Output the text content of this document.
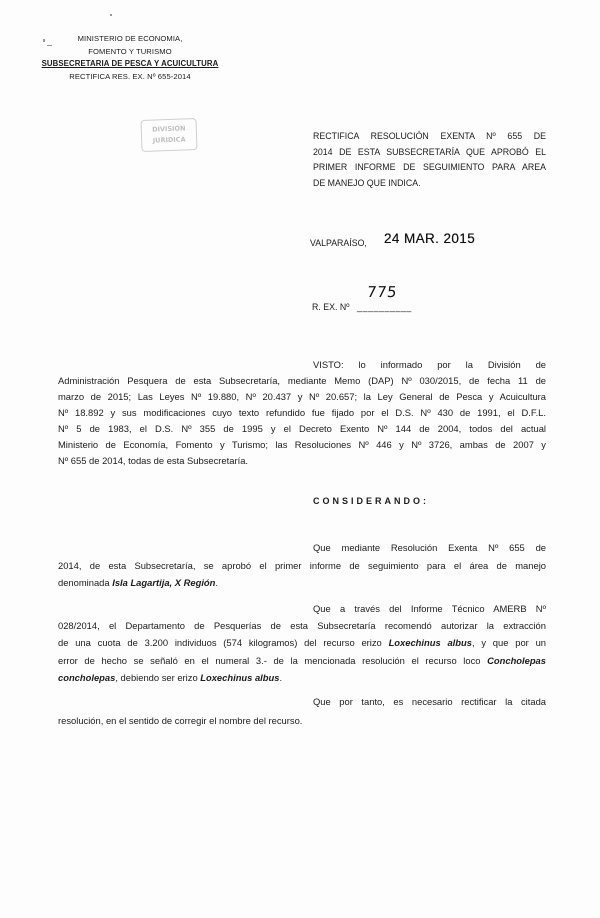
MINISTERIO DE ECONOMIA,
FOMENTO Y TURISMO
SUBSECRETARIA DE PESCA Y ACUICULTURA
RECTIFICA RES. EX. Nº 655-2014
DIVISION
JURIDICA	RECTIFICA RESOLUCIÓN EXENTA Nº 655 DE
2014 DE ESTA SUBSECRETARÍA QUE APROBÓ EL
PRIMER INFORME DE SEGUIMIENTO PARA AREA
DE MANEJO QUE INDICA.
VALPARAÍSO, 24 MAR. 2015
R. EX. Nº __________
775
VISTO: lo informado por la División de
Administración Pesquera de esta Subsecretaría, mediante Memo (DAP) Nº 030/2015, de fecha 11 de
marzo de 2015; Las Leyes Nº 19.880, Nº 20.437 y Nº 20.657; la Ley General de Pesca y Acuicultura
Nº 18.892 y sus modificaciones cuyo texto refundido fue fijado por el D.S. Nº 430 de 1991, el D.F.L.
Nº 5 de 1983, el D.S. Nº 355 de 1995 y el Decreto Exento Nº 144 de 2004, todos del actual
Ministerio de Economía, Fomento y Turismo; las Resoluciones Nº 446 y Nº 3726, ambas de 2007 y
Nº 655 de 2014, todas de esta Subsecretaría.
CONSIDERANDO:
Que mediante Resolución Exenta Nº 655 de
2014, de esta Subsecretaría, se aprobó el primer informe de seguimiento para el área de manejo
denominada Isla Lagartija, X Región.
Que a través del Informe Técnico AMERB Nº
028/2014, el Departamento de Pesquerías de esta Subsecretaría recomendó autorizar la extracción
de una cuota de 3.200 individuos (574 kilogramos) del recurso erizo Loxechinus albus, y que por un
error de hecho se señaló en el numeral 3.- de la mencionada resolución el recurso loco Concholepas
concholepas, debiendo ser erizo Loxechinus albus.
Que por tanto, es necesario rectificar la citada
resolución, en el sentido de corregir el nombre del recurso.
